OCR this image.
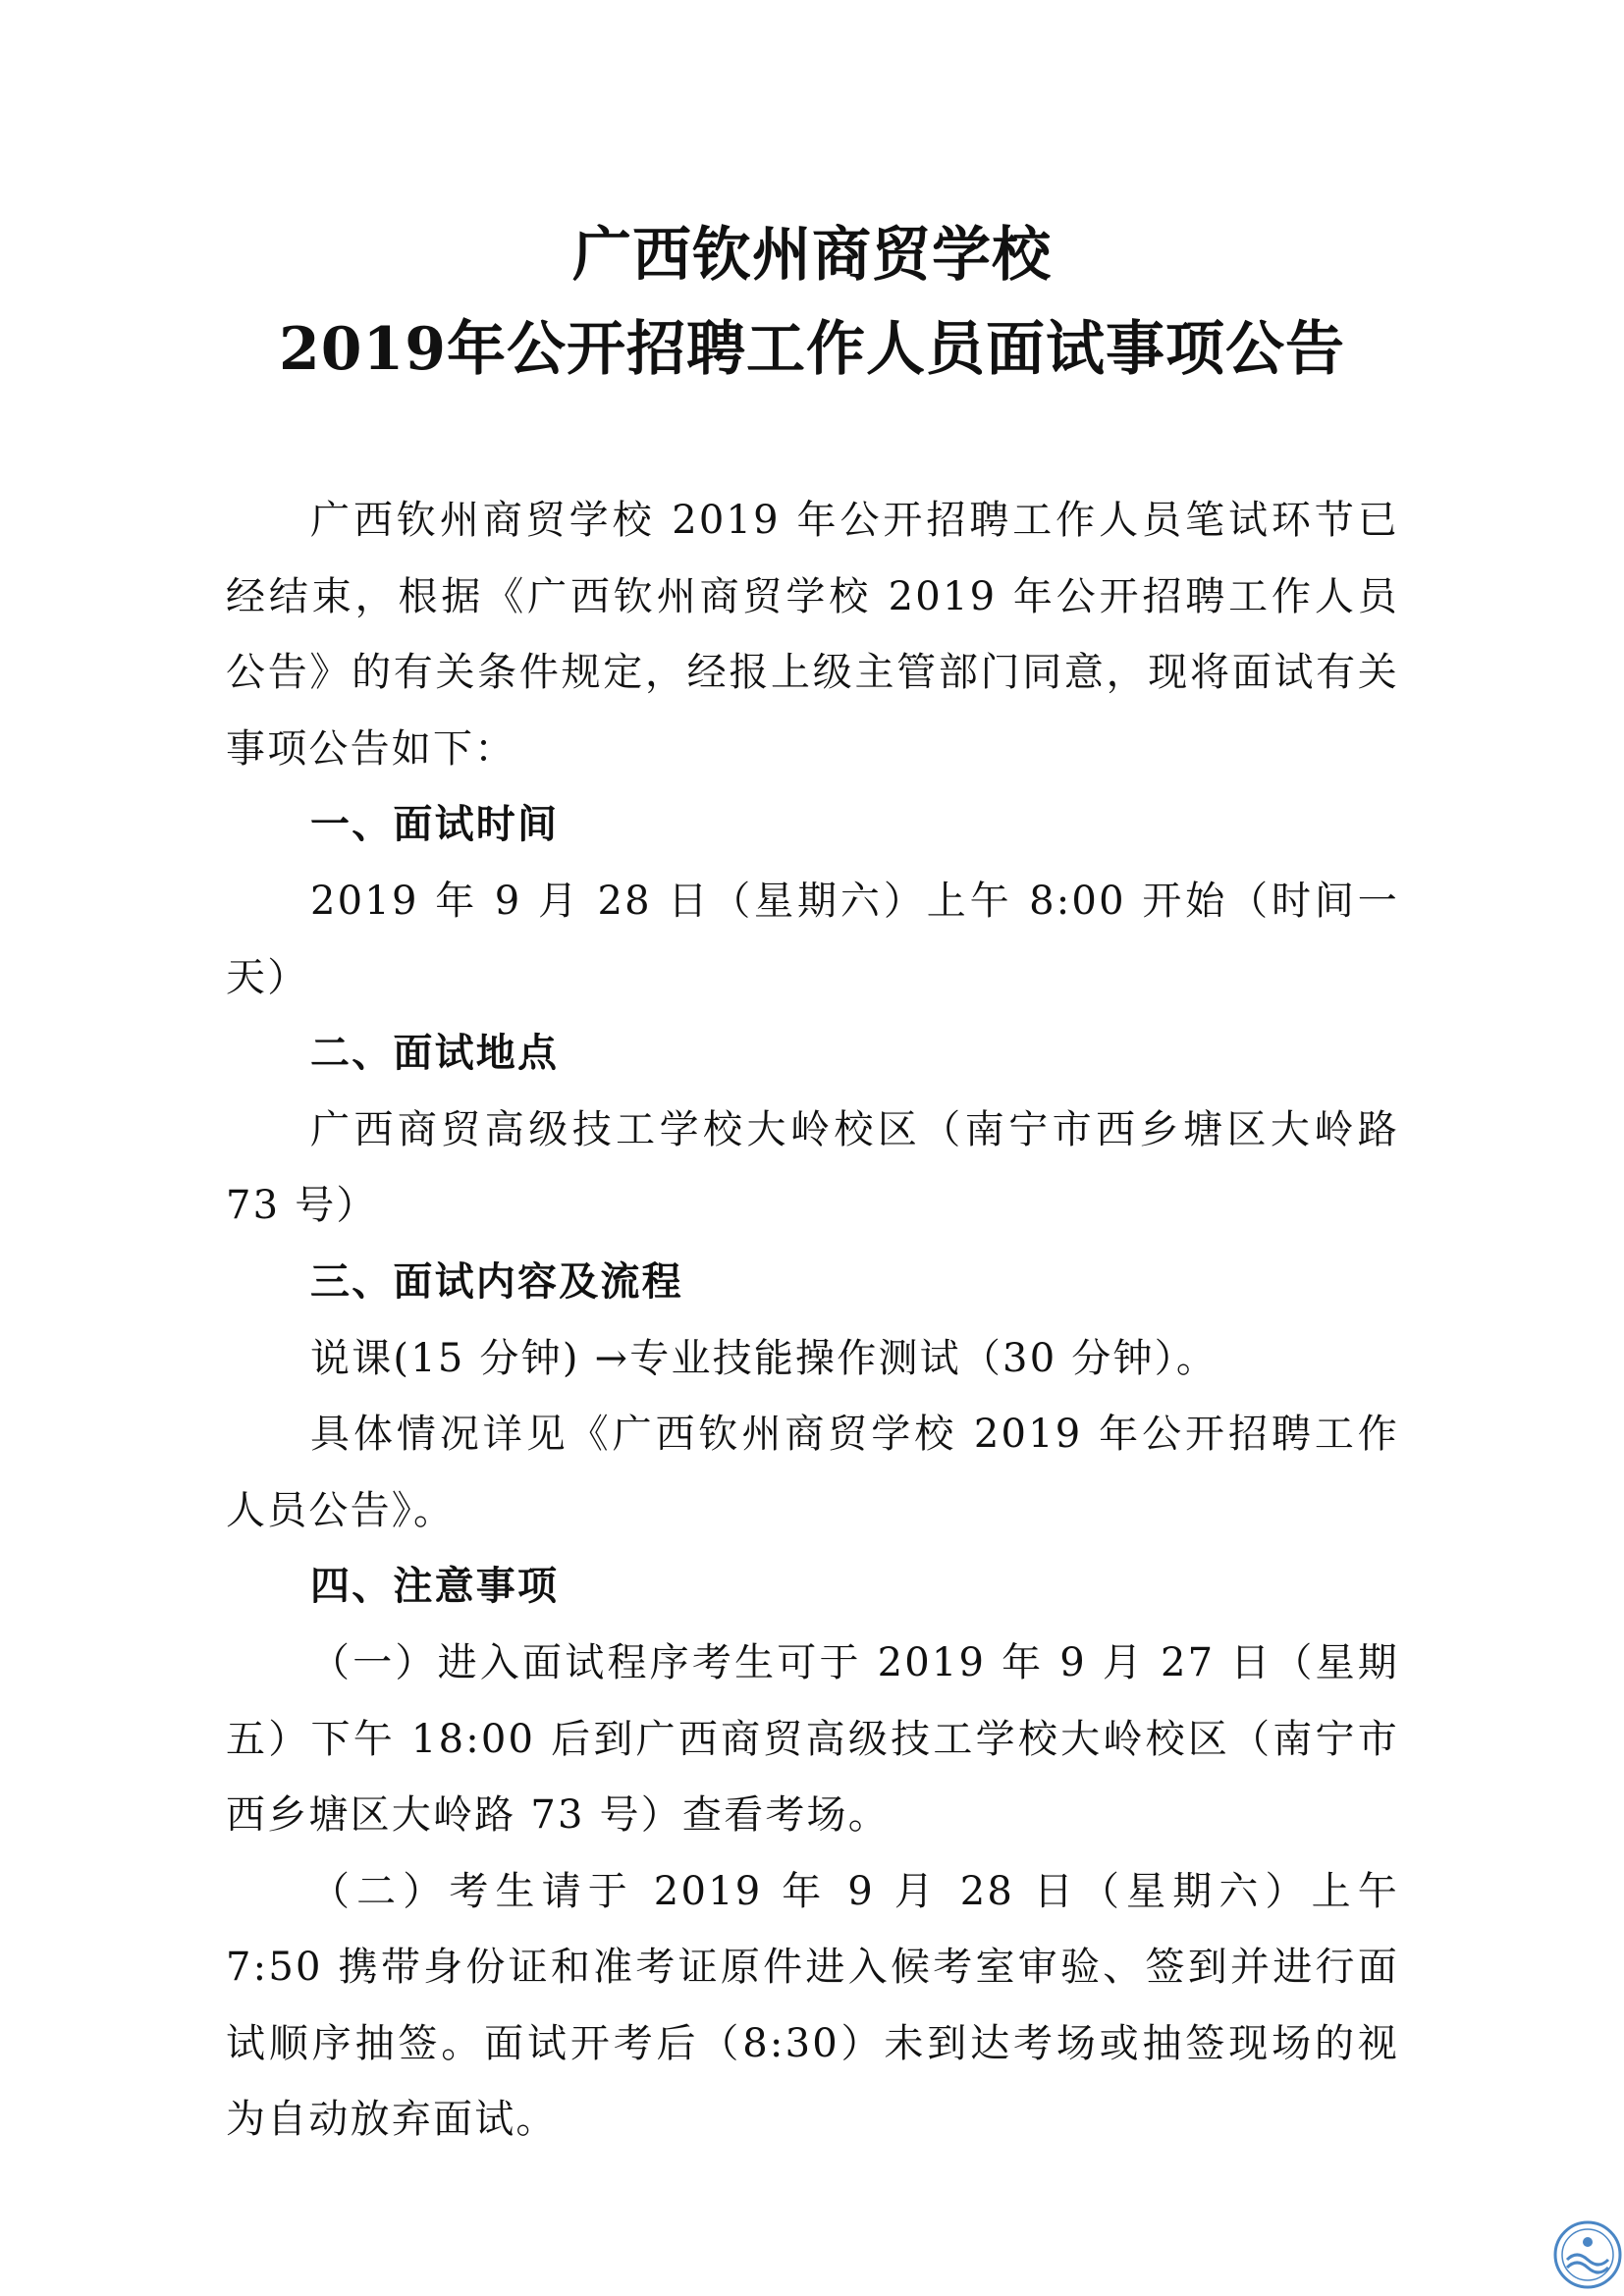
广西钦州商贸学校
2019年公开招聘工作人员面试事项公告

广西钦州商贸学校 2019 年公开招聘工作人员笔试环节已经结束，根据《广西钦州商贸学校 2019 年公开招聘工作人员公告》的有关条件规定，经报上级主管部门同意，现将面试有关事项公告如下：

一、面试时间

2019 年 9 月 28 日（星期六）上午 8:00 开始（时间一天）

二、面试地点

广西商贸高级技工学校大岭校区（南宁市西乡塘区大岭路 73 号）

三、面试内容及流程

说课(15 分钟) →专业技能操作测试（30 分钟）。

具体情况详见《广西钦州商贸学校 2019 年公开招聘工作人员公告》。

四、注意事项

（一）进入面试程序考生可于 2019 年 9 月 27 日（星期五）下午 18:00 后到广西商贸高级技工学校大岭校区（南宁市西乡塘区大岭路 73 号）查看考场。

（二）考生请于 2019 年 9 月 28 日（星期六）上午 7:50 携带身份证和准考证原件进入候考室审验、签到并进行面试顺序抽签。面试开考后（8:30）未到达考场或抽签现场的视为自动放弃面试。
